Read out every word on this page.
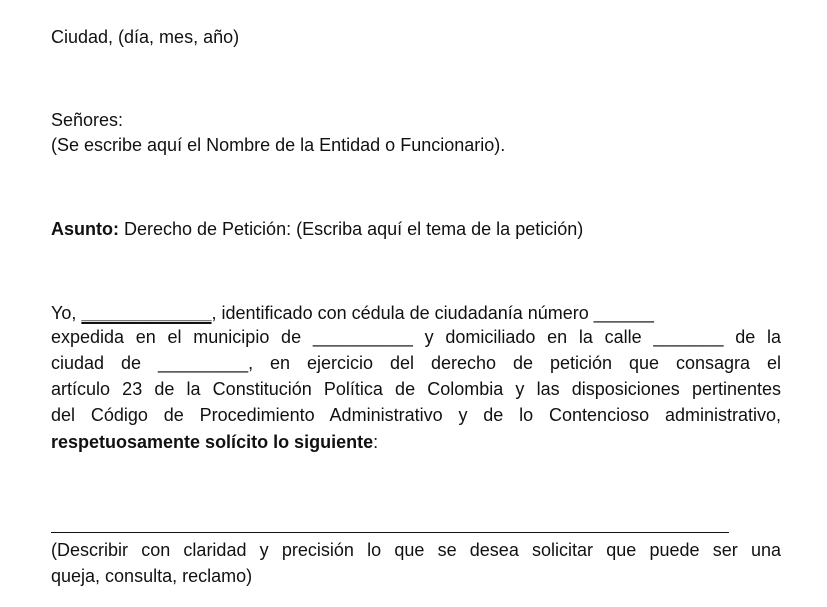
Ciudad, (día, mes, año)
Señores:
(Se escribe aquí el Nombre de la Entidad o Funcionario).
Asunto: Derecho de Petición: (Escriba aquí el tema de la petición)
Yo, _____________, identificado con cédula de ciudadanía número ______
expedida en el municipio de __________ y domiciliado en la calle _______ de la
ciudad de _________, en ejercicio del derecho de petición que consagra el
artículo 23 de la Constitución Política de Colombia y las disposiciones pertinentes
del Código de Procedimiento Administrativo y de lo Contencioso administrativo,
respetuosamente solícito lo siguiente:
(Describir con claridad y precisión lo que se desea solicitar que puede ser una
queja, consulta, reclamo)
